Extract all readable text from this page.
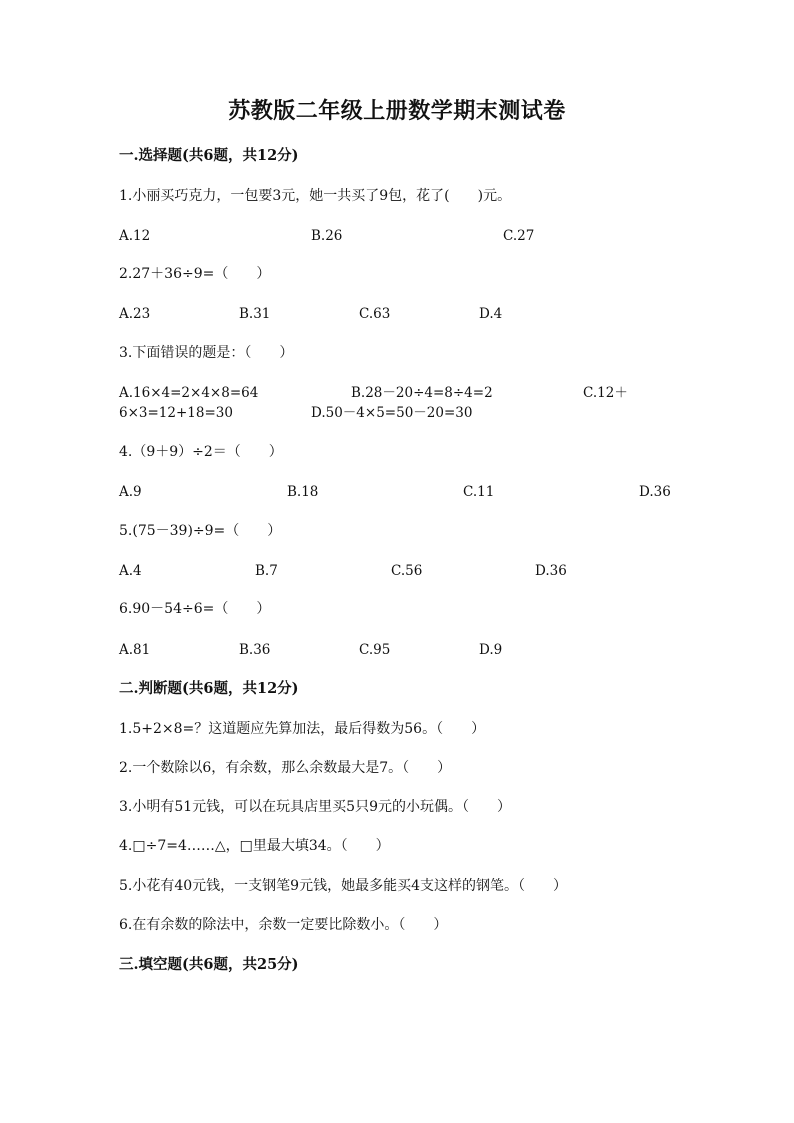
苏教版二年级上册数学期末测试卷
一.选择题(共6题，共12分)
1.小丽买巧克力，一包要3元，她一共买了9包，花了(　　)元。
A.12	B.26	C.27
2.27＋36÷9=（　　）
A.23	B.31	C.63	D.4
3.下面错误的题是：（　　）
A.16×4=2×4×8=64	B.28－20÷4=8÷4=2	C.12＋
6×3=12+18=30	D.50－4×5=50－20=30
4.（9＋9）÷2＝（　　）
A.9	B.18	C.11	D.36
5.(75－39)÷9=（　　）
A.4	B.7	C.56	D.36
6.90－54÷6=（　　）
A.81	B.36	C.95	D.9
二.判断题(共6题，共12分)
1.5+2×8=？这道题应先算加法，最后得数为56。（　　）
2.一个数除以6，有余数，那么余数最大是7。（　　）
3.小明有51元钱，可以在玩具店里买5只9元的小玩偶。（　　）
4.□÷7=4……△，□里最大填34。（　　）
5.小花有40元钱，一支钢笔9元钱，她最多能买4支这样的钢笔。（　　）
6.在有余数的除法中，余数一定要比除数小。（　　）
三.填空题(共6题，共25分)
